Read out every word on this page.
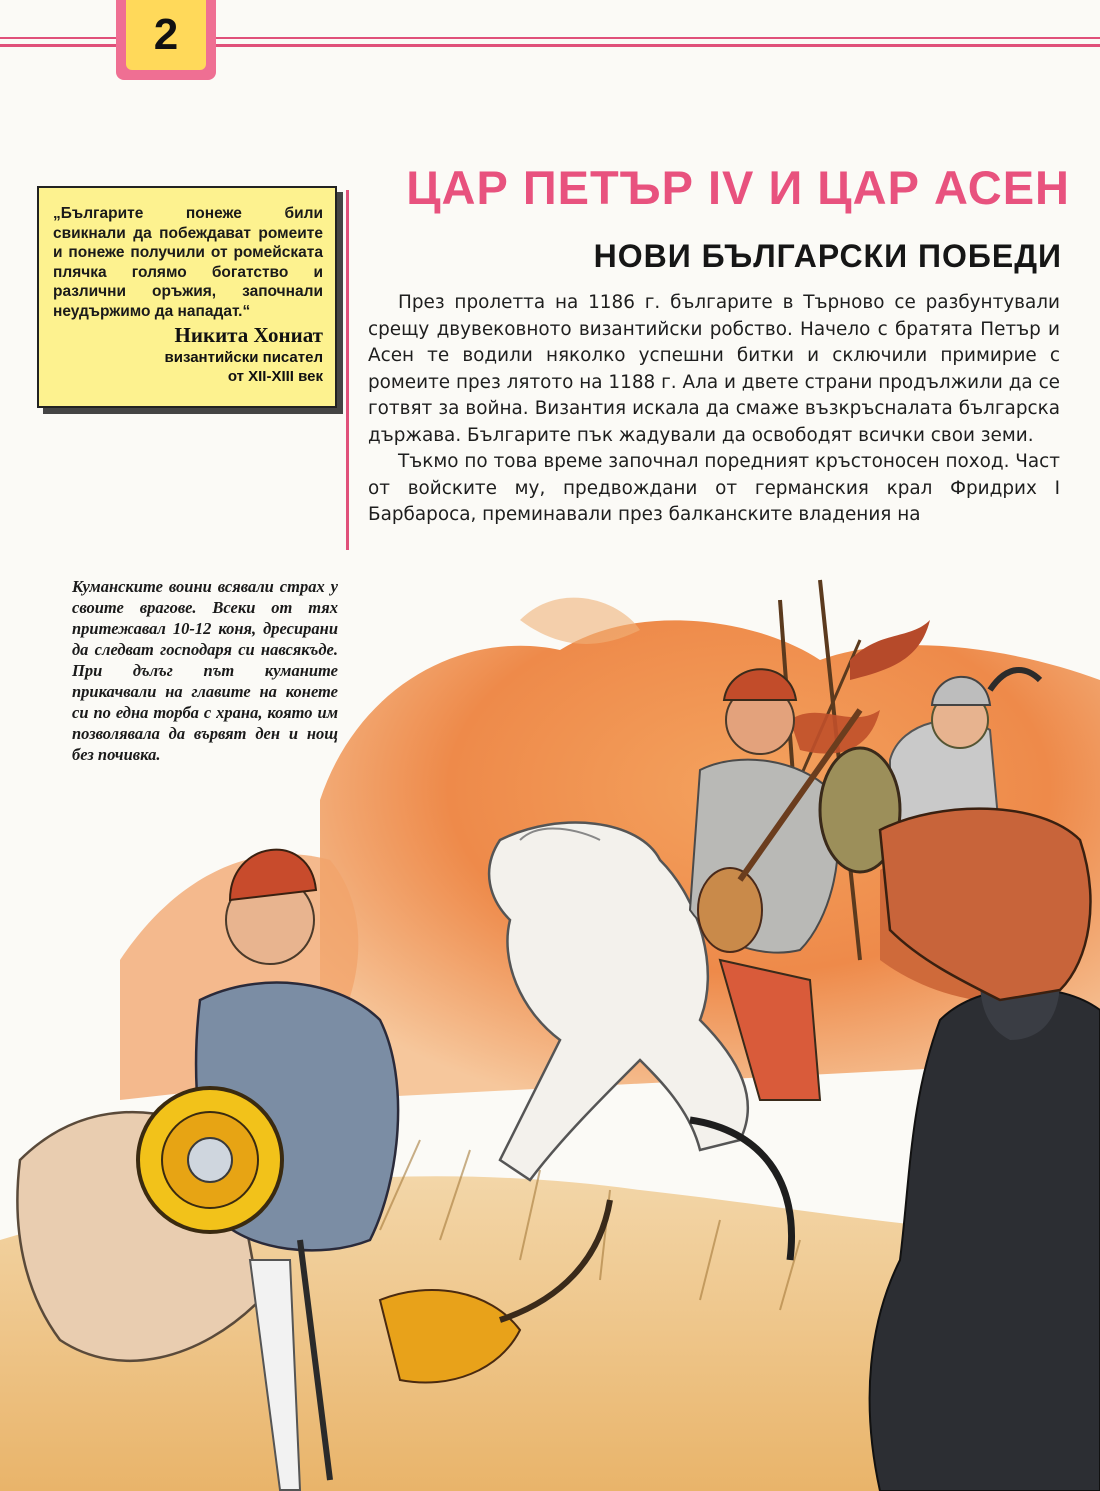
2
ЦАР ПЕТЪР IV И ЦАР АСЕН
НОВИ БЪЛГАРСКИ ПОБЕДИ
„Българите понеже били свикнали да побеждават ромеите и понеже получили от ромейската плячка голямо богатство и различни оръжия, започнали неудържимо да нападат.“
Никита Хониат
византийски писател
от XII-XIII век

През пролетта на 1186 г. българите в Търново се разбунтували срещу двувековното византийски робство. Начело с братята Петър и Асен те водили няколко успешни битки и сключили примирие с ромеите през лятото на 1188 г. Ала и двете страни продължили да се готвят за война. Византия искала да смаже възкръсналата българска държава. Българите пък жадували да освободят всички свои земи.

Тъкмо по това време започнал поредният кръстоносен поход. Част от войските му, предвождани от германския крал Фридрих I Барбароса, преминавали през балканските владения на

Куманските воини всявали страх у своите врагове. Всеки от тях притежавал 10-12 коня, дресирани да следват господаря си навсякъде. При дълъг път куманите прикачвали на главите на конете си по една торба с храна, която им позволявала да вървят ден и нощ без почивка.
